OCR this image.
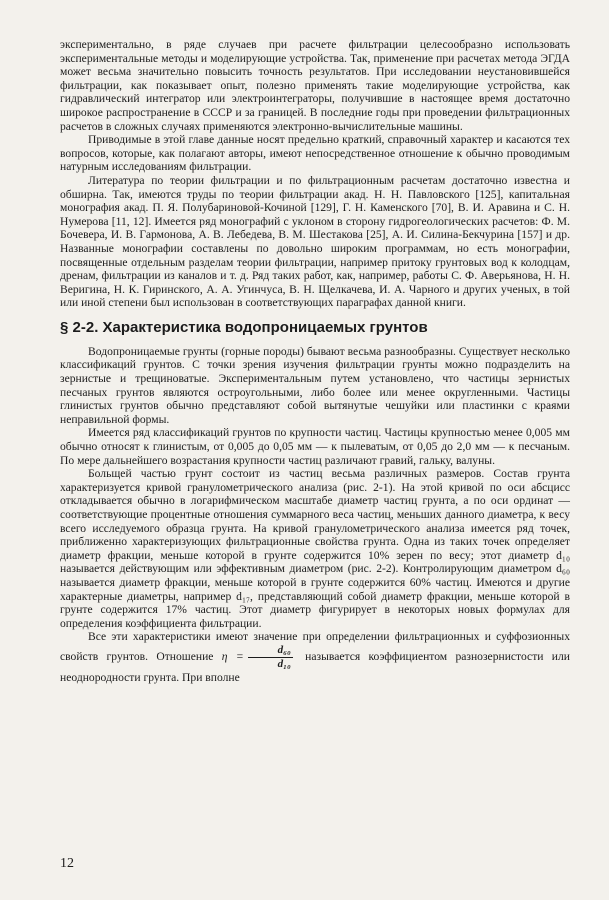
экспериментально, в ряде случаев при расчете фильтрации целесообразно использовать экспериментальные методы и моделирующие устройства. Так, применение при расчетах метода ЭГДА может весьма значительно повысить точность результатов. При исследовании неустановившейся фильтрации, как показывает опыт, полезно применять такие моделирующие устройства, как гидравлический интегратор или электроинтеграторы, получившие в настоящее время достаточно широкое распространение в СССР и за границей. В последние годы при проведении фильтрационных расчетов в сложных случаях применяются электронно-вычислительные машины.

Приводимые в этой главе данные носят предельно краткий, справочный характер и касаются тех вопросов, которые, как полагают авторы, имеют непосредственное отношение к обычно проводимым натурным исследованиям фильтрации.

Литература по теории фильтрации и по фильтрационным расчетам достаточно известна и обширна. Так, имеются труды по теории фильтрации акад. Н. Н. Павловского [125], капитальная монография акад. П. Я. Полубариновой-Кочиной [129], Г. Н. Каменского [70], В. И. Аравина и С. Н. Нумерова [11, 12]. Имеется ряд монографий с уклоном в сторону гидрогеологических расчетов: Ф. М. Бочевера, И. В. Гармонова, А. В. Лебедева, В. М. Шестакова [25], А. И. Силина-Бекчурина [157] и др. Названные монографии составлены по довольно широким программам, но есть монографии, посвященные отдельным разделам теории фильтрации, например притоку грунтовых вод к колодцам, дренам, фильтрации из каналов и т. д. Ряд таких работ, как, например, работы С. Ф. Аверьянова, Н. Н. Веригина, Н. К. Гиринского, А. А. Угинчуса, В. Н. Щелкачева, И. А. Чарного и других ученых, в той или иной степени был использован в соответствующих параграфах данной книги.

§ 2-2. Характеристика водопроницаемых грунтов

Водопроницаемые грунты (горные породы) бывают весьма разнообразны. Существует несколько классификаций грунтов. С точки зрения изучения фильтрации грунты можно подразделить на зернистые и трещиноватые. Экспериментальным путем установлено, что частицы зернистых песчаных грунтов являются остроугольными, либо более или менее округленными. Частицы глинистых грунтов обычно представляют собой вытянутые чешуйки или пластинки с краями неправильной формы.

Имеется ряд классификаций грунтов по крупности частиц. Частицы крупностью менее 0,005 мм обычно относят к глинистым, от 0,005 до 0,05 мм — к пылеватым, от 0,05 до 2,0 мм — к песчаным. По мере дальнейшего возрастания крупности частиц различают гравий, гальку, валуны.

Больщей частью грунт состоит из частиц весьма различных размеров. Состав грунта характеризуется кривой гранулометрического анализа (рис. 2-1). На этой кривой по оси абсцисс откладывается обычно в логарифмическом масштабе диаметр частиц грунта, а по оси ординат — соответствующие процентные отношения суммарного веса частиц, меньших данного диаметра, к весу всего исследуемого образца грунта. На кривой гранулометрического анализа имеется ряд точек, приближенно характеризующих фильтрационные свойства грунта. Одна из таких точек определяет диаметр фракции, меньше которой в грунте содержится 10% зерен по весу; этот диаметр d₁₀ называется действующим или эффективным диаметром (рис. 2-2). Контролирующим диаметром d₆₀ называется диаметр фракции, меньше которой в грунте содержится 60% частиц. Имеются и другие характерные диаметры, например d₁₇, представляющий собой диаметр фракции, меньше которой в грунте содержится 17% частиц. Этот диаметр фигурирует в некоторых новых формулах для определения коэффициента фильтрации.

Все эти характеристики имеют значение при определении фильтрационных и суффозионных свойств грунтов. Отношение $\eta = \frac{\text{d₆₀}}{\text{d₁₀}}$ называется коэффициентом разнозернистости или неоднородности грунта. При вполне

12
